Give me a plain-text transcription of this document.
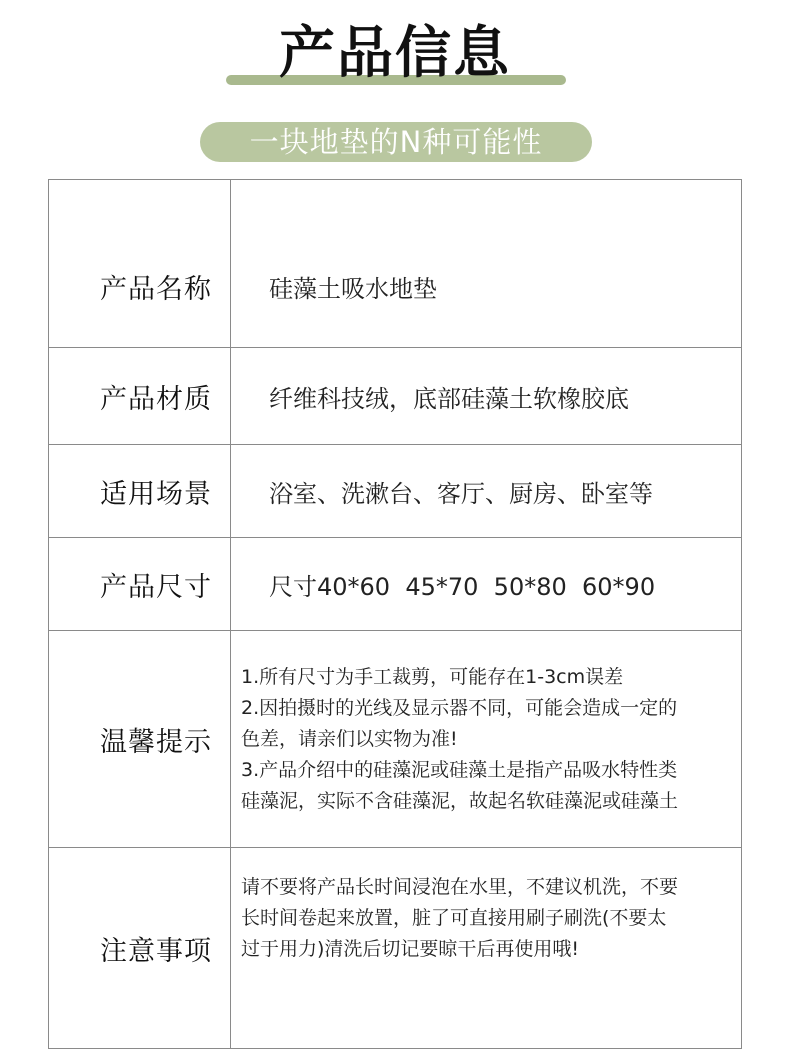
产品信息
一块地垫的N种可能性
产品名称	硅藻土吸水地垫
产品材质	纤维科技绒，底部硅藻土软橡胶底
适用场景	浴室、洗漱台、客厅、厨房、卧室等
产品尺寸	尺寸40*60  45*70  50*80  60*90
温馨提示	1.所有尺寸为手工裁剪，可能存在1-3cm误差
2.因拍摄时的光线及显示器不同，可能会造成一定的
色差，请亲们以实物为准!
3.产品介绍中的硅藻泥或硅藻土是指产品吸水特性类
硅藻泥，实际不含硅藻泥，故起名软硅藻泥或硅藻土

注意事项	请不要将产品长时间浸泡在水里，不建议机洗，不要
长时间卷起来放置，脏了可直接用刷子刷洗(不要太
过于用力)清洗后切记要晾干后再使用哦!
